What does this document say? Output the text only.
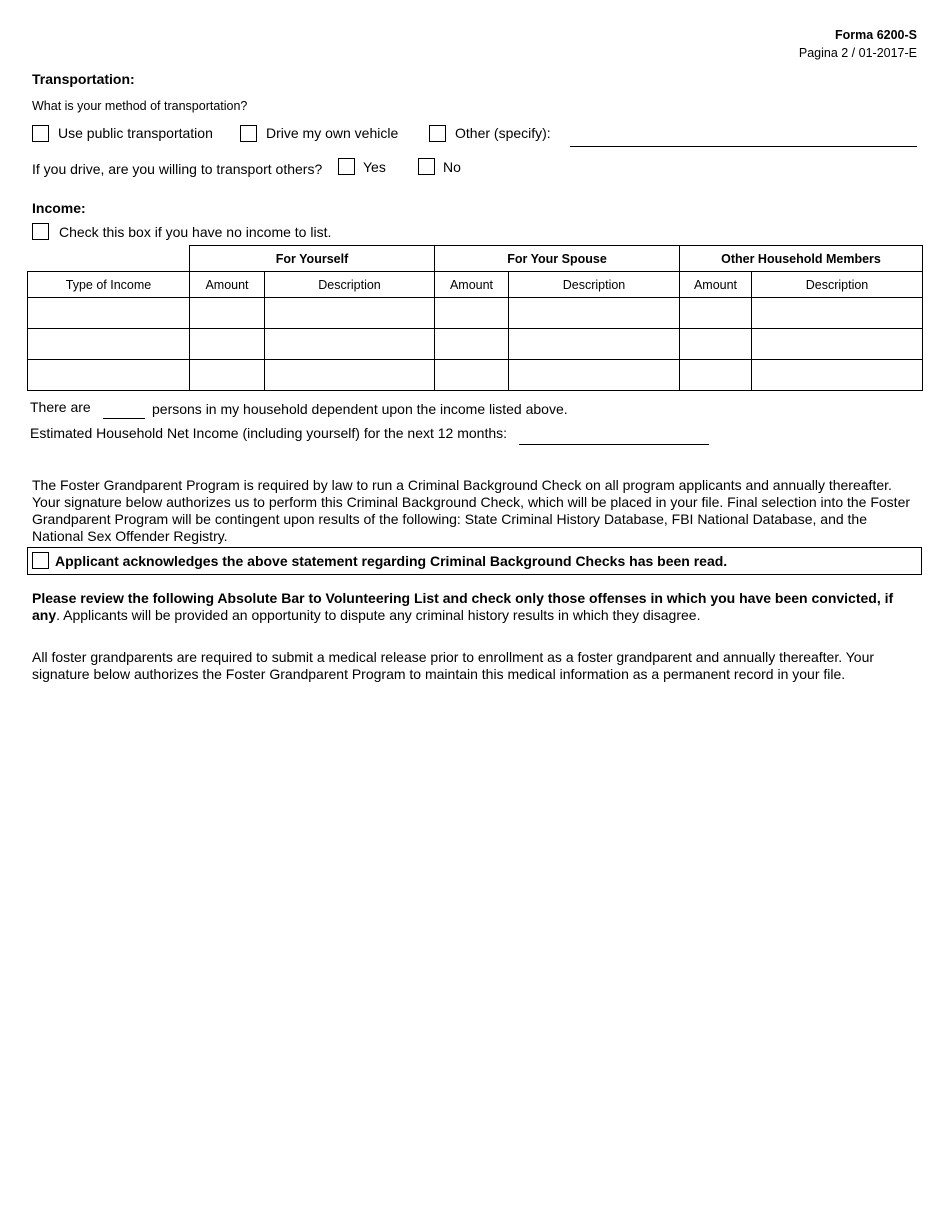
Forma 6200-S
Pagina 2 / 01-2017-E
Transportation:
What is your method of transportation?
Use public transportation	Drive my own vehicle	Other (specify):
If you drive, are you willing to transport others?	Yes	No
Income:
Check this box if you have no income to list.
	For Yourself		For Your Spouse		Other Household Members	
Type of Income	Amount	Description	Amount	Description	Amount	Description

There are	persons in my household dependent upon the income listed above.
Estimated Household Net Income (including yourself) for the next 12 months:
The Foster Grandparent Program is required by law to run a Criminal Background Check on all program applicants and annually thereafter. Your signature below authorizes us to perform this Criminal Background Check, which will be placed in your file. Final selection into the Foster Grandparent Program will be contingent upon results of the following: State Criminal History Database, FBI National Database, and the National Sex Offender Registry.
Applicant acknowledges the above statement regarding Criminal Background Checks has been read.
Please review the following Absolute Bar to Volunteering List and check only those offenses in which you have been convicted, if any. Applicants will be provided an opportunity to dispute any criminal history results in which they disagree.
All foster grandparents are required to submit a medical release prior to enrollment as a foster grandparent and annually thereafter. Your signature below authorizes the Foster Grandparent Program to maintain this medical information as a permanent record in your file.
